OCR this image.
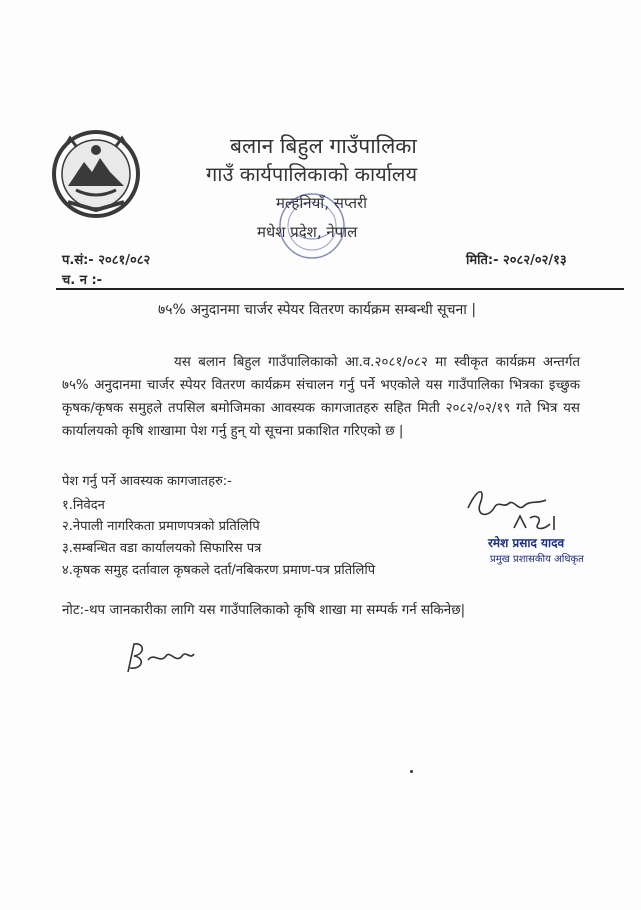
बलान बिहुल गाउँपालिका
गाउँ कार्यपालिकाको कार्यालय
मल्हनियाँ, सप्तरी
मधेश प्रदेश, नेपाल
प.सं:- २०८१/०८२
च. न :-
मिति:- २०८२/०२/१३
७५% अनुदानमा चार्जर स्पेयर वितरण कार्यक्रम सम्बन्धी सूचना |
यस बलान बिहुल गाउँपालिकाको आ.व.२०८१/०८२ मा स्वीकृत कार्यक्रम अन्तर्गत ७५% अनुदानमा चार्जर स्पेयर वितरण कार्यक्रम संचालन गर्नु पर्ने भएकोले यस गाउँपालिका भित्रका इच्छुक कृषक/कृषक समुहले तपसिल बमोजिमका आवस्यक कागजातहरु सहित मिती २०८२/०२/१९ गते भित्र यस कार्यालयको कृषि शाखामा पेश गर्नु हुन् यो सूचना प्रकाशित गरिएको छ |
पेश गर्नु पर्ने आवस्यक कागजातहरु:-
१.निवेदन
२.नेपाली नागरिकता प्रमाणपत्रको प्रतिलिपि
३.सम्बन्धित वडा कार्यालयको सिफारिस पत्र
४.कृषक समुह दर्तावाल कृषकले दर्ता/नबिकरण प्रमाण-पत्र प्रतिलिपि
रमेश प्रसाद यादव
प्रमुख प्रशासकीय अधिकृत
नोट:-थप जानकारीका लागि यस गाउँपालिकाको कृषि शाखा मा सम्पर्क गर्न सकिनेछ|
